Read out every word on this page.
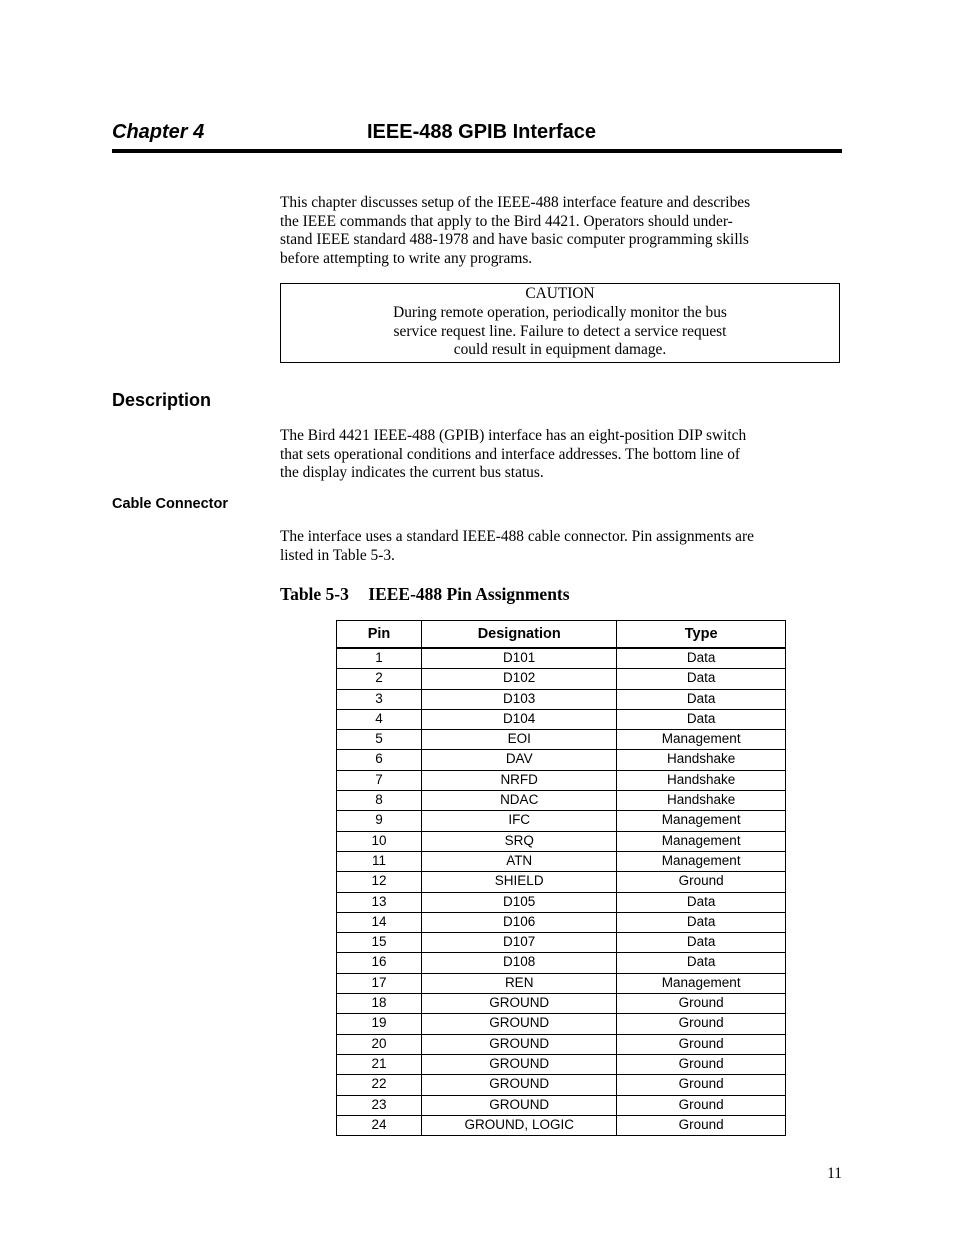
Chapter 4	IEEE-488 GPIB Interface
This chapter discusses setup of the IEEE-488 interface feature and describes
the IEEE commands that apply to the Bird 4421. Operators should under-
stand IEEE standard 488-1978 and have basic computer programming skills
before attempting to write any programs.
CAUTION
During remote operation, periodically monitor the bus
service request line. Failure to detect a service request
could result in equipment damage.
Description
The Bird 4421 IEEE-488 (GPIB) interface has an eight-position DIP switch
that sets operational conditions and interface addresses. The bottom line of
the display indicates the current bus status.
Cable Connector
The interface uses a standard IEEE-488 cable connector. Pin assignments are
listed in Table 5-3.
Table 5-3 IEEE-488 Pin Assignments
Pin	Designation	Type
1	D101	Data
2	D102	Data
3	D103	Data
4	D104	Data
5	EOI	Management
6	DAV	Handshake
7	NRFD	Handshake
8	NDAC	Handshake
9	IFC	Management
10	SRQ	Management
11	ATN	Management
12	SHIELD	Ground
13	D105	Data
14	D106	Data
15	D107	Data
16	D108	Data
17	REN	Management
18	GROUND	Ground
19	GROUND	Ground
20	GROUND	Ground
21	GROUND	Ground
22	GROUND	Ground
23	GROUND	Ground
24	GROUND, LOGIC	Ground
11
